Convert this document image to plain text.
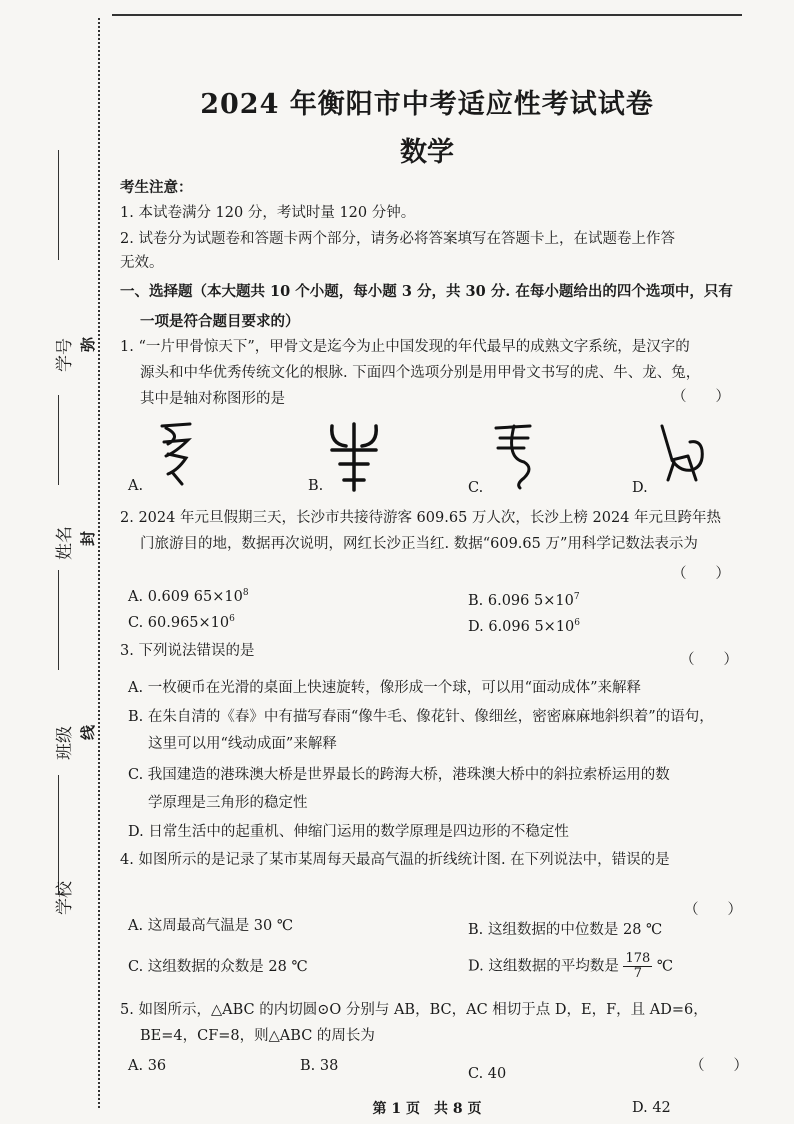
学号
姓名
班级
学校
弥
封
线
2024 年衡阳市中考适应性考试试卷
数学
考生注意：
1. 本试卷满分 120 分，考试时量 120 分钟。
2. 试卷分为试题卷和答题卡两个部分，请务必将答案填写在答题卡上，在试题卷上作答
无效。
一、选择题（本大题共 10 个小题，每小题 3 分，共 30 分. 在每小题给出的四个选项中，只有
一项是符合题目要求的）
1. “一片甲骨惊天下”，甲骨文是迄今为止中国发现的年代最早的成熟文字系统，是汉字的
源头和中华优秀传统文化的根脉. 下面四个选项分别是用甲骨文书写的虎、牛、龙、兔，
其中是轴对称图形的是	（　　）
A.	B.	C.	D.
2. 2024 年元旦假期三天，长沙市共接待游客 609.65 万人次，长沙上榜 2024 年元旦跨年热
门旅游目的地，数据再次说明，网红长沙正当红. 数据“609.65 万”用科学记数法表示为
（　　）
A. 0.609 $65\times 10^8$	B. 6.096 $5\times 10^7$
C. $60.965\times 10^6$	D. 6.096 $5\times 10^6$
3. 下列说法错误的是
（　　）
A. 一枚硬币在光滑的桌面上快速旋转，像形成一个球，可以用“面动成体”来解释
B. 在朱自清的《春》中有描写春雨“像牛毛、像花针、像细丝，密密麻麻地斜织着”的语句，
这里可以用“线动成面”来解释
C. 我国建造的港珠澳大桥是世界最长的跨海大桥，港珠澳大桥中的斜拉索桥运用的数
学原理是三角形的稳定性
D. 日常生活中的起重机、伸缩门运用的数学原理是四边形的不稳定性
4. 如图所示的是记录了某市某周每天最高气温的折线统计图. 在下列说法中，错误的是
（　　）
A. 这周最高气温是 30 ℃	B. 这组数据的中位数是 28 ℃
C. 这组数据的众数是 28 ℃	D. 这组数据的平均数是 $\frac{178}{7}$ ℃
5. 如图所示，△ABC 的内切圆⊙O 分别与 AB，BC，AC 相切于点 D，E，F，且 AD=6，
BE=4，CF=8，则△ABC 的周长为
（　　）
A. 36	B. 38	C. 40
D. 42
第 1 页　共 8 页
